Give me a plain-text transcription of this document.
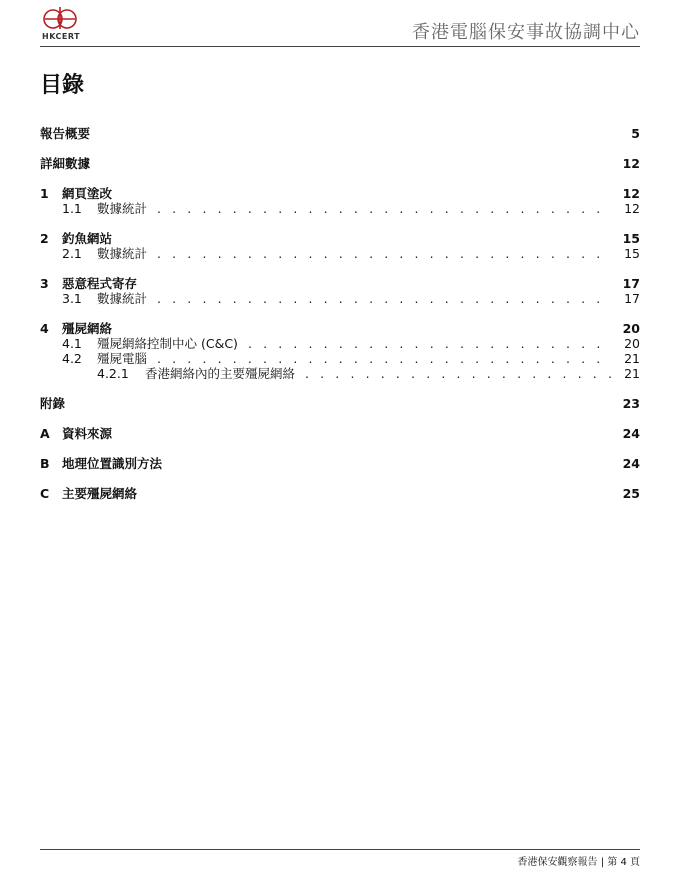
HKCERT	香港電腦保安事故協調中心
目錄
報告概要	5
詳細數據	12
1	網頁塗改	12
1.1	數據統計 . . .	12
2	釣魚網站	15
2.1	數據統計 . . .	15
3	惡意程式寄存	17
3.1	數據統計 . . .	17
4	殭屍網絡	20
4.1	殭屍網絡控制中心 (C&C) . . .	20
4.2	殭屍電腦 . . .	21
4.2.1	香港網絡內的主要殭屍網絡 . . .	21
附錄	23
A 資料來源	24
B 地理位置識別方法	24
C	主要殭屍網絡	25
香港保安觀察報告 | 第 4 頁
